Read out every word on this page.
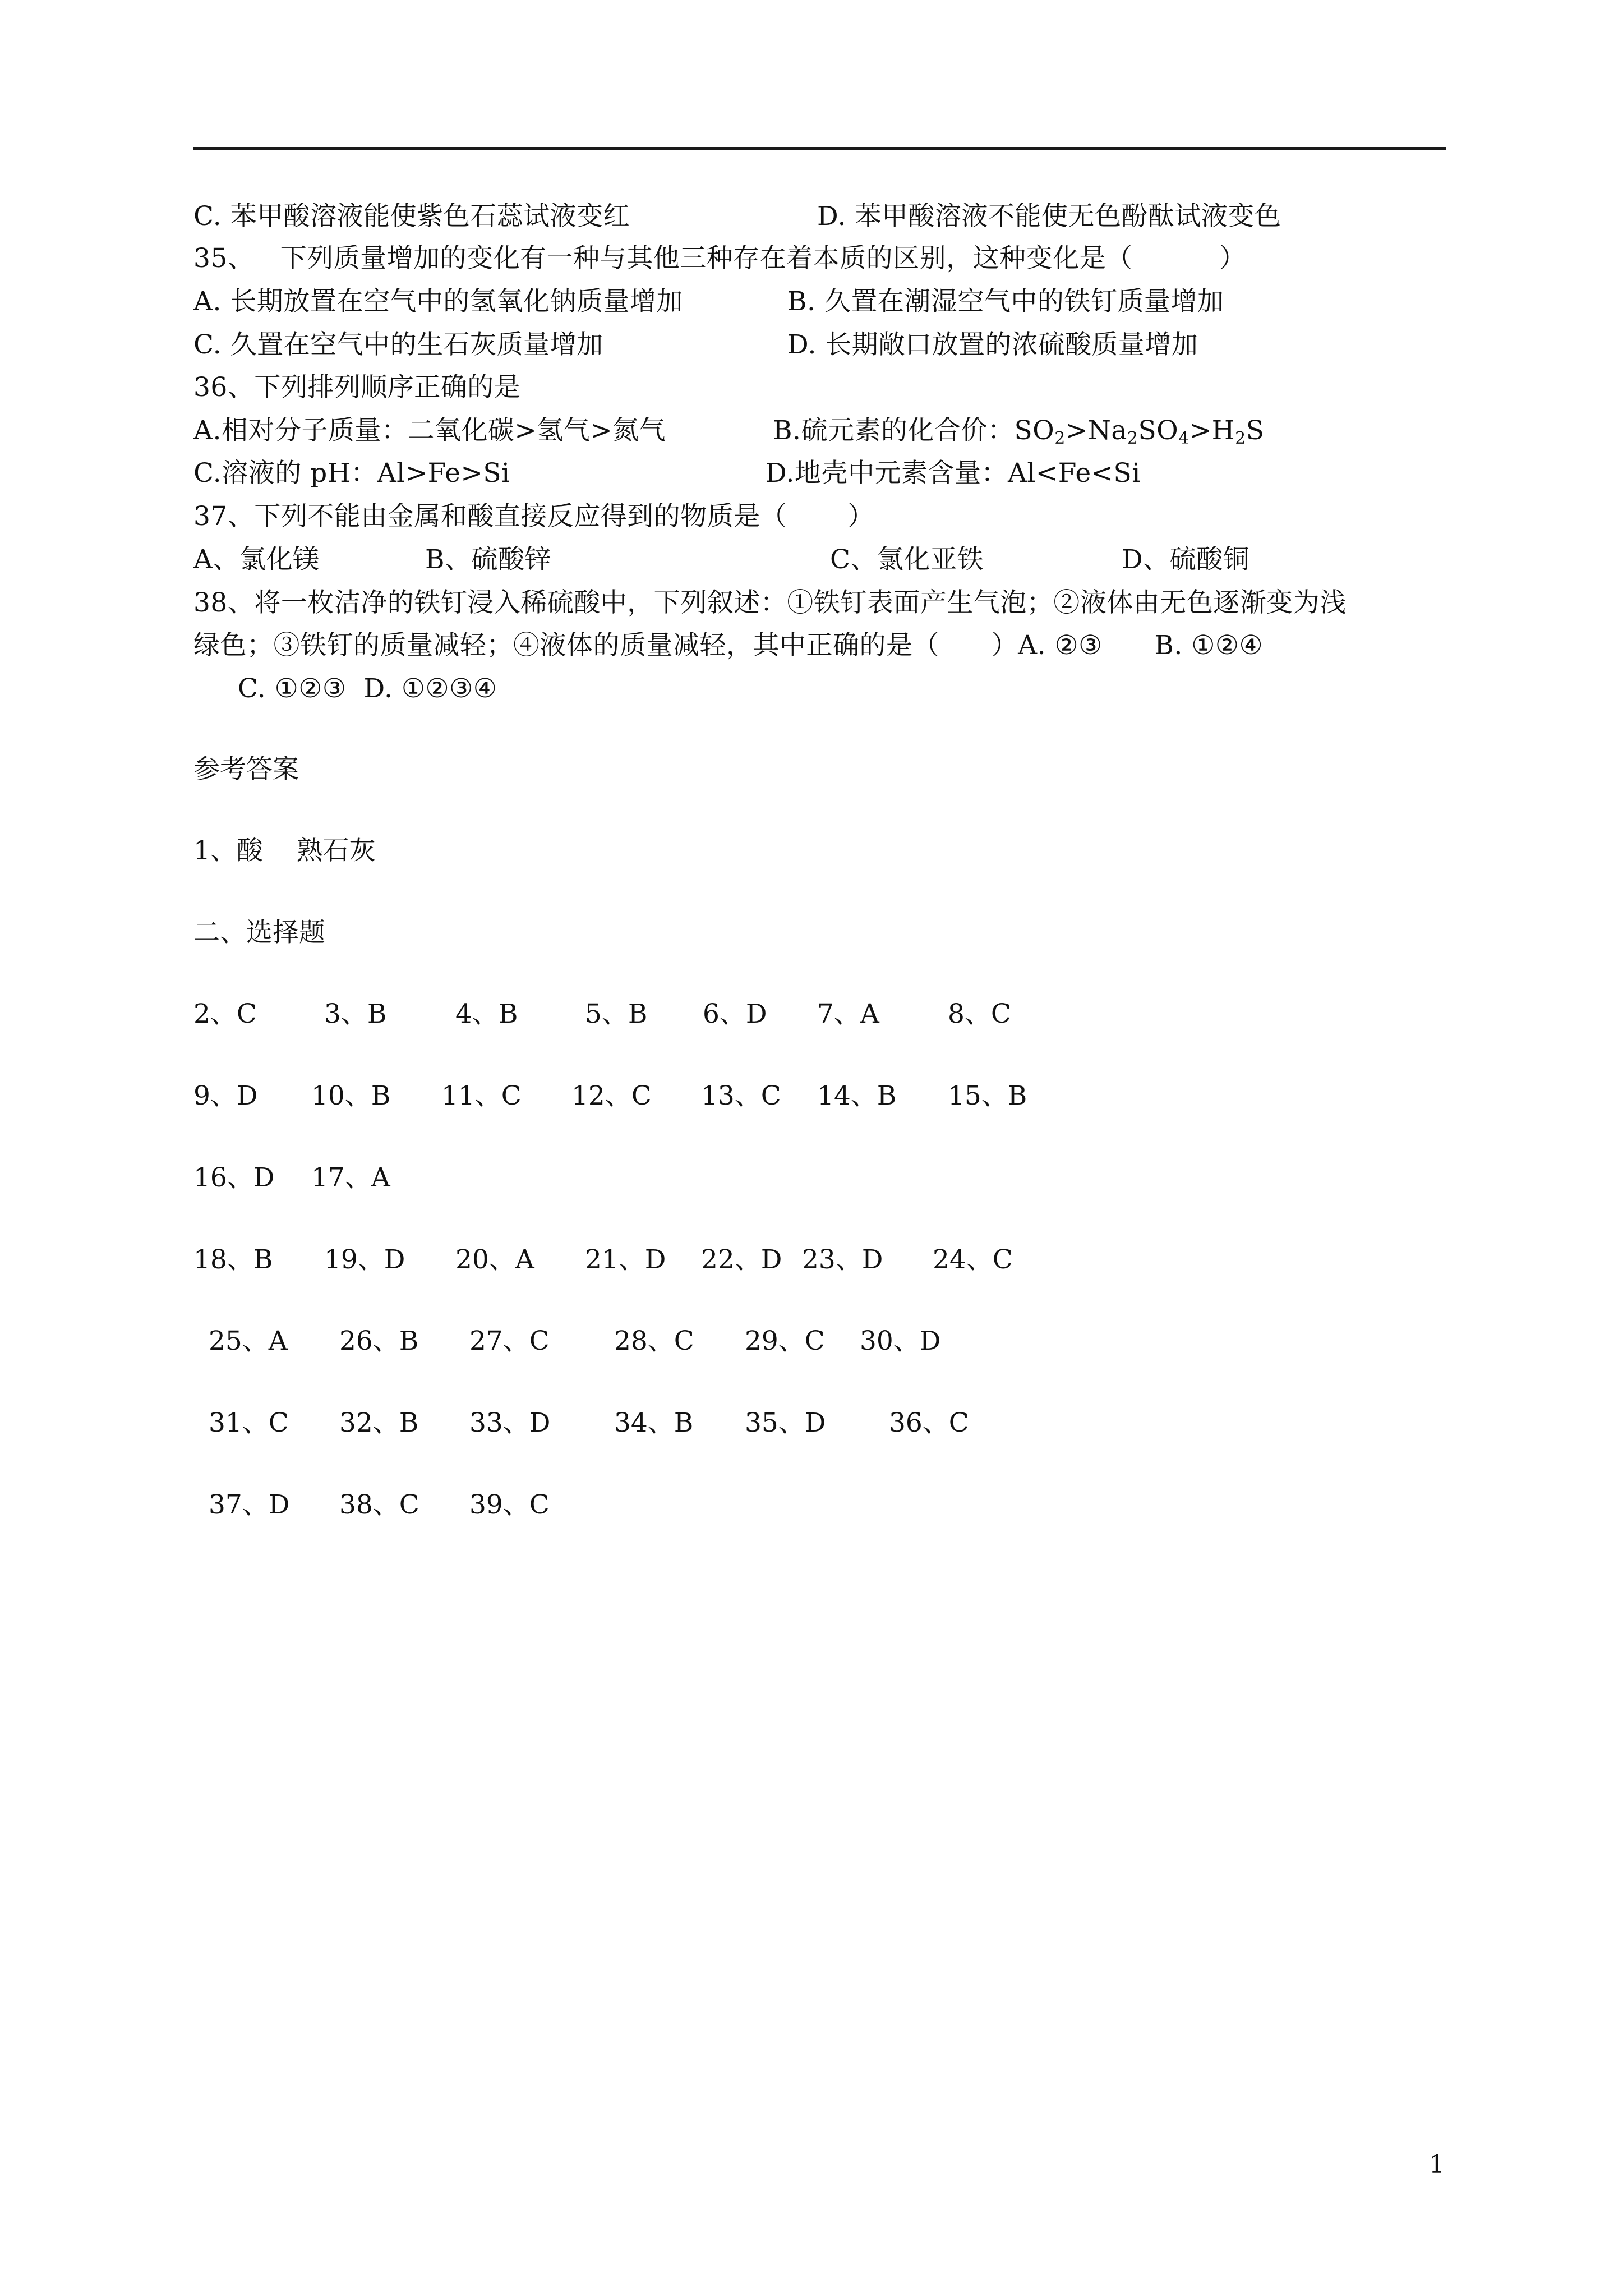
C. 苯甲酸溶液能使紫色石蕊试液变红	D. 苯甲酸溶液不能使无色酚酞试液变色
35、   下列质量增加的变化有一种与其他三种存在着本质的区别，这种变化是（          ）
A. 长期放置在空气中的氢氧化钠质量增加	B. 久置在潮湿空气中的铁钉质量增加
C. 久置在空气中的生石灰质量增加	D. 长期敞口放置的浓硫酸质量增加
36、下列排列顺序正确的是
A.相对分子质量：二氧化碳>氢气>氮气	B.硫元素的化合价：$SO_2>Na_2SO_4>H_2S$
C.溶液的 pH：Al>Fe>Si	D.地壳中元素含量：Al<Fe<Si
37、下列不能由金属和酸直接反应得到的物质是（       ）
A、氯化镁	B、硫酸锌	C、氯化亚铁	D、硫酸铜
38、将一枚洁净的铁钉浸入稀硫酸中，下列叙述：①铁钉表面产生气泡；②液体由无色逐渐变为浅
绿色；③铁钉的质量减轻；④液体的质量减轻，其中正确的是（      ）A. ②③      B. ①②④
C. ①②③  D. ①②③④
参考答案
1、酸    熟石灰
二、选择题
2、C	3、B	4、B	5、B 6、D 7、A	8、C
9、D 10、B 11、C 12、C 13、C 14、B 15、B
16、D 17、A
18、B 19、D 20、A 21、D 22、D 23、D 24、C
25、A 26、B 27、C 28、C 29、C 30、D
31、C 32、B 33、D 34、B 35、D 36、C
37、D 38、C 39、C
1
